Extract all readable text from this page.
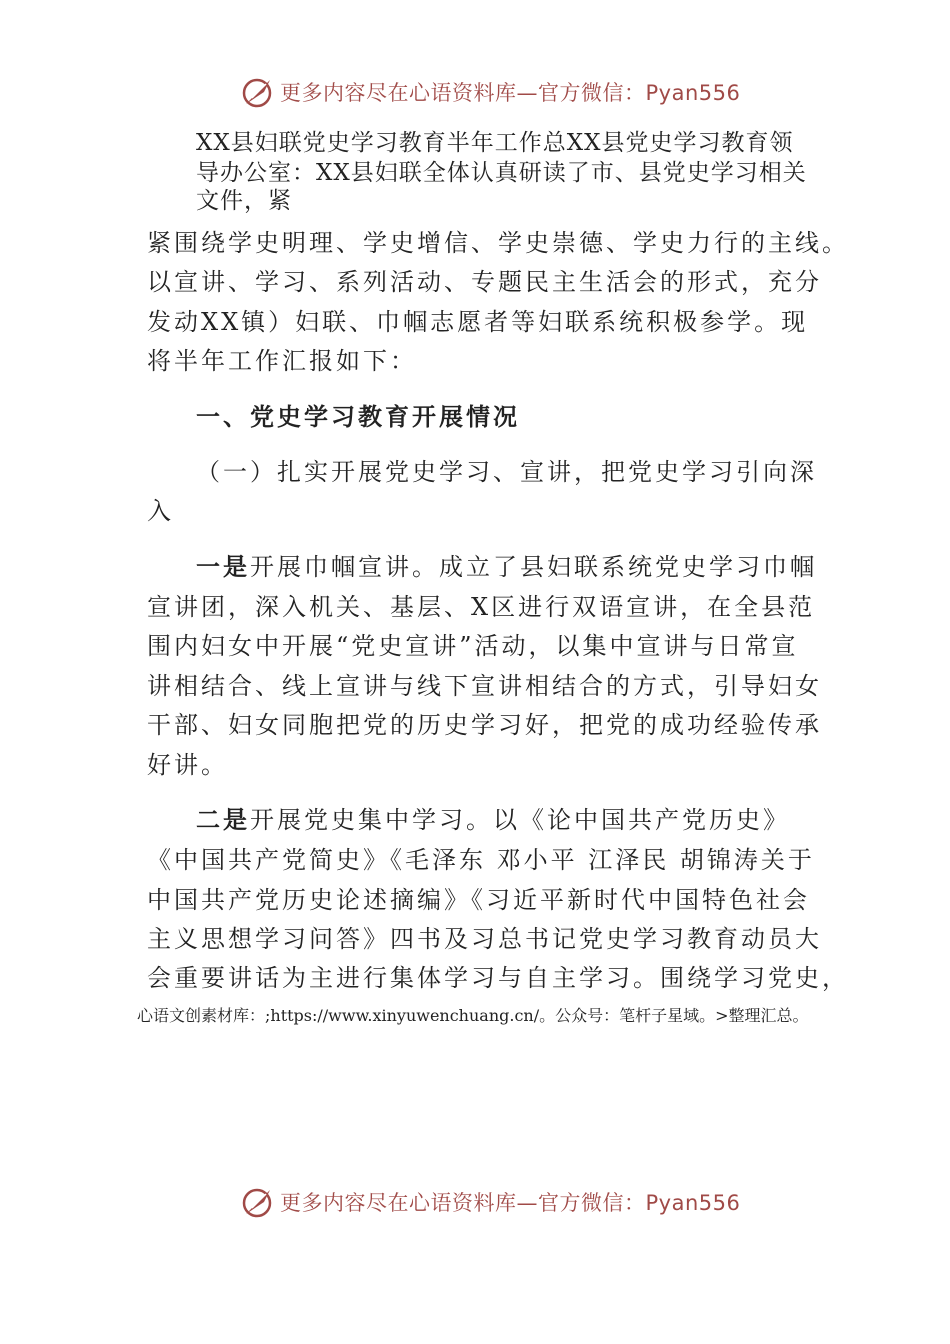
更多内容尽在心语资料库—官方微信：Pyan556
XX县妇联党史学习教育半年工作总XX县党史学习教育领
导办公室：XX县妇联全体认真研读了市、县党史学习相关
文件，紧
紧围绕学史明理、学史增信、学史崇德、学史力行的主线。
以宣讲、学习、系列活动、专题民主生活会的形式，充分
发动XX镇）妇联、巾帼志愿者等妇联系统积极参学。现
将半年工作汇报如下：
一、党史学习教育开展情况
（一）扎实开展党史学习、宣讲，把党史学习引向深
入
一是开展巾帼宣讲。成立了县妇联系统党史学习巾帼
宣讲团，深入机关、基层、X区进行双语宣讲，在全县范
围内妇女中开展“党史宣讲”活动，以集中宣讲与日常宣
讲相结合、线上宣讲与线下宣讲相结合的方式，引导妇女
干部、妇女同胞把党的历史学习好，把党的成功经验传承
好讲。
二是开展党史集中学习。以《论中国共产党历史》
《中国共产党简史》《毛泽东 邓小平 江泽民 胡锦涛关于
中国共产党历史论述摘编》《习近平新时代中国特色社会
主义思想学习问答》四书及习总书记党史学习教育动员大
会重要讲话为主进行集体学习与自主学习。围绕学习党史，
心语文创素材库：;https://www.xinyuwenchuang.cn/。公众号：笔杆子星域。>整理汇总。
更多内容尽在心语资料库—官方微信：Pyan556
